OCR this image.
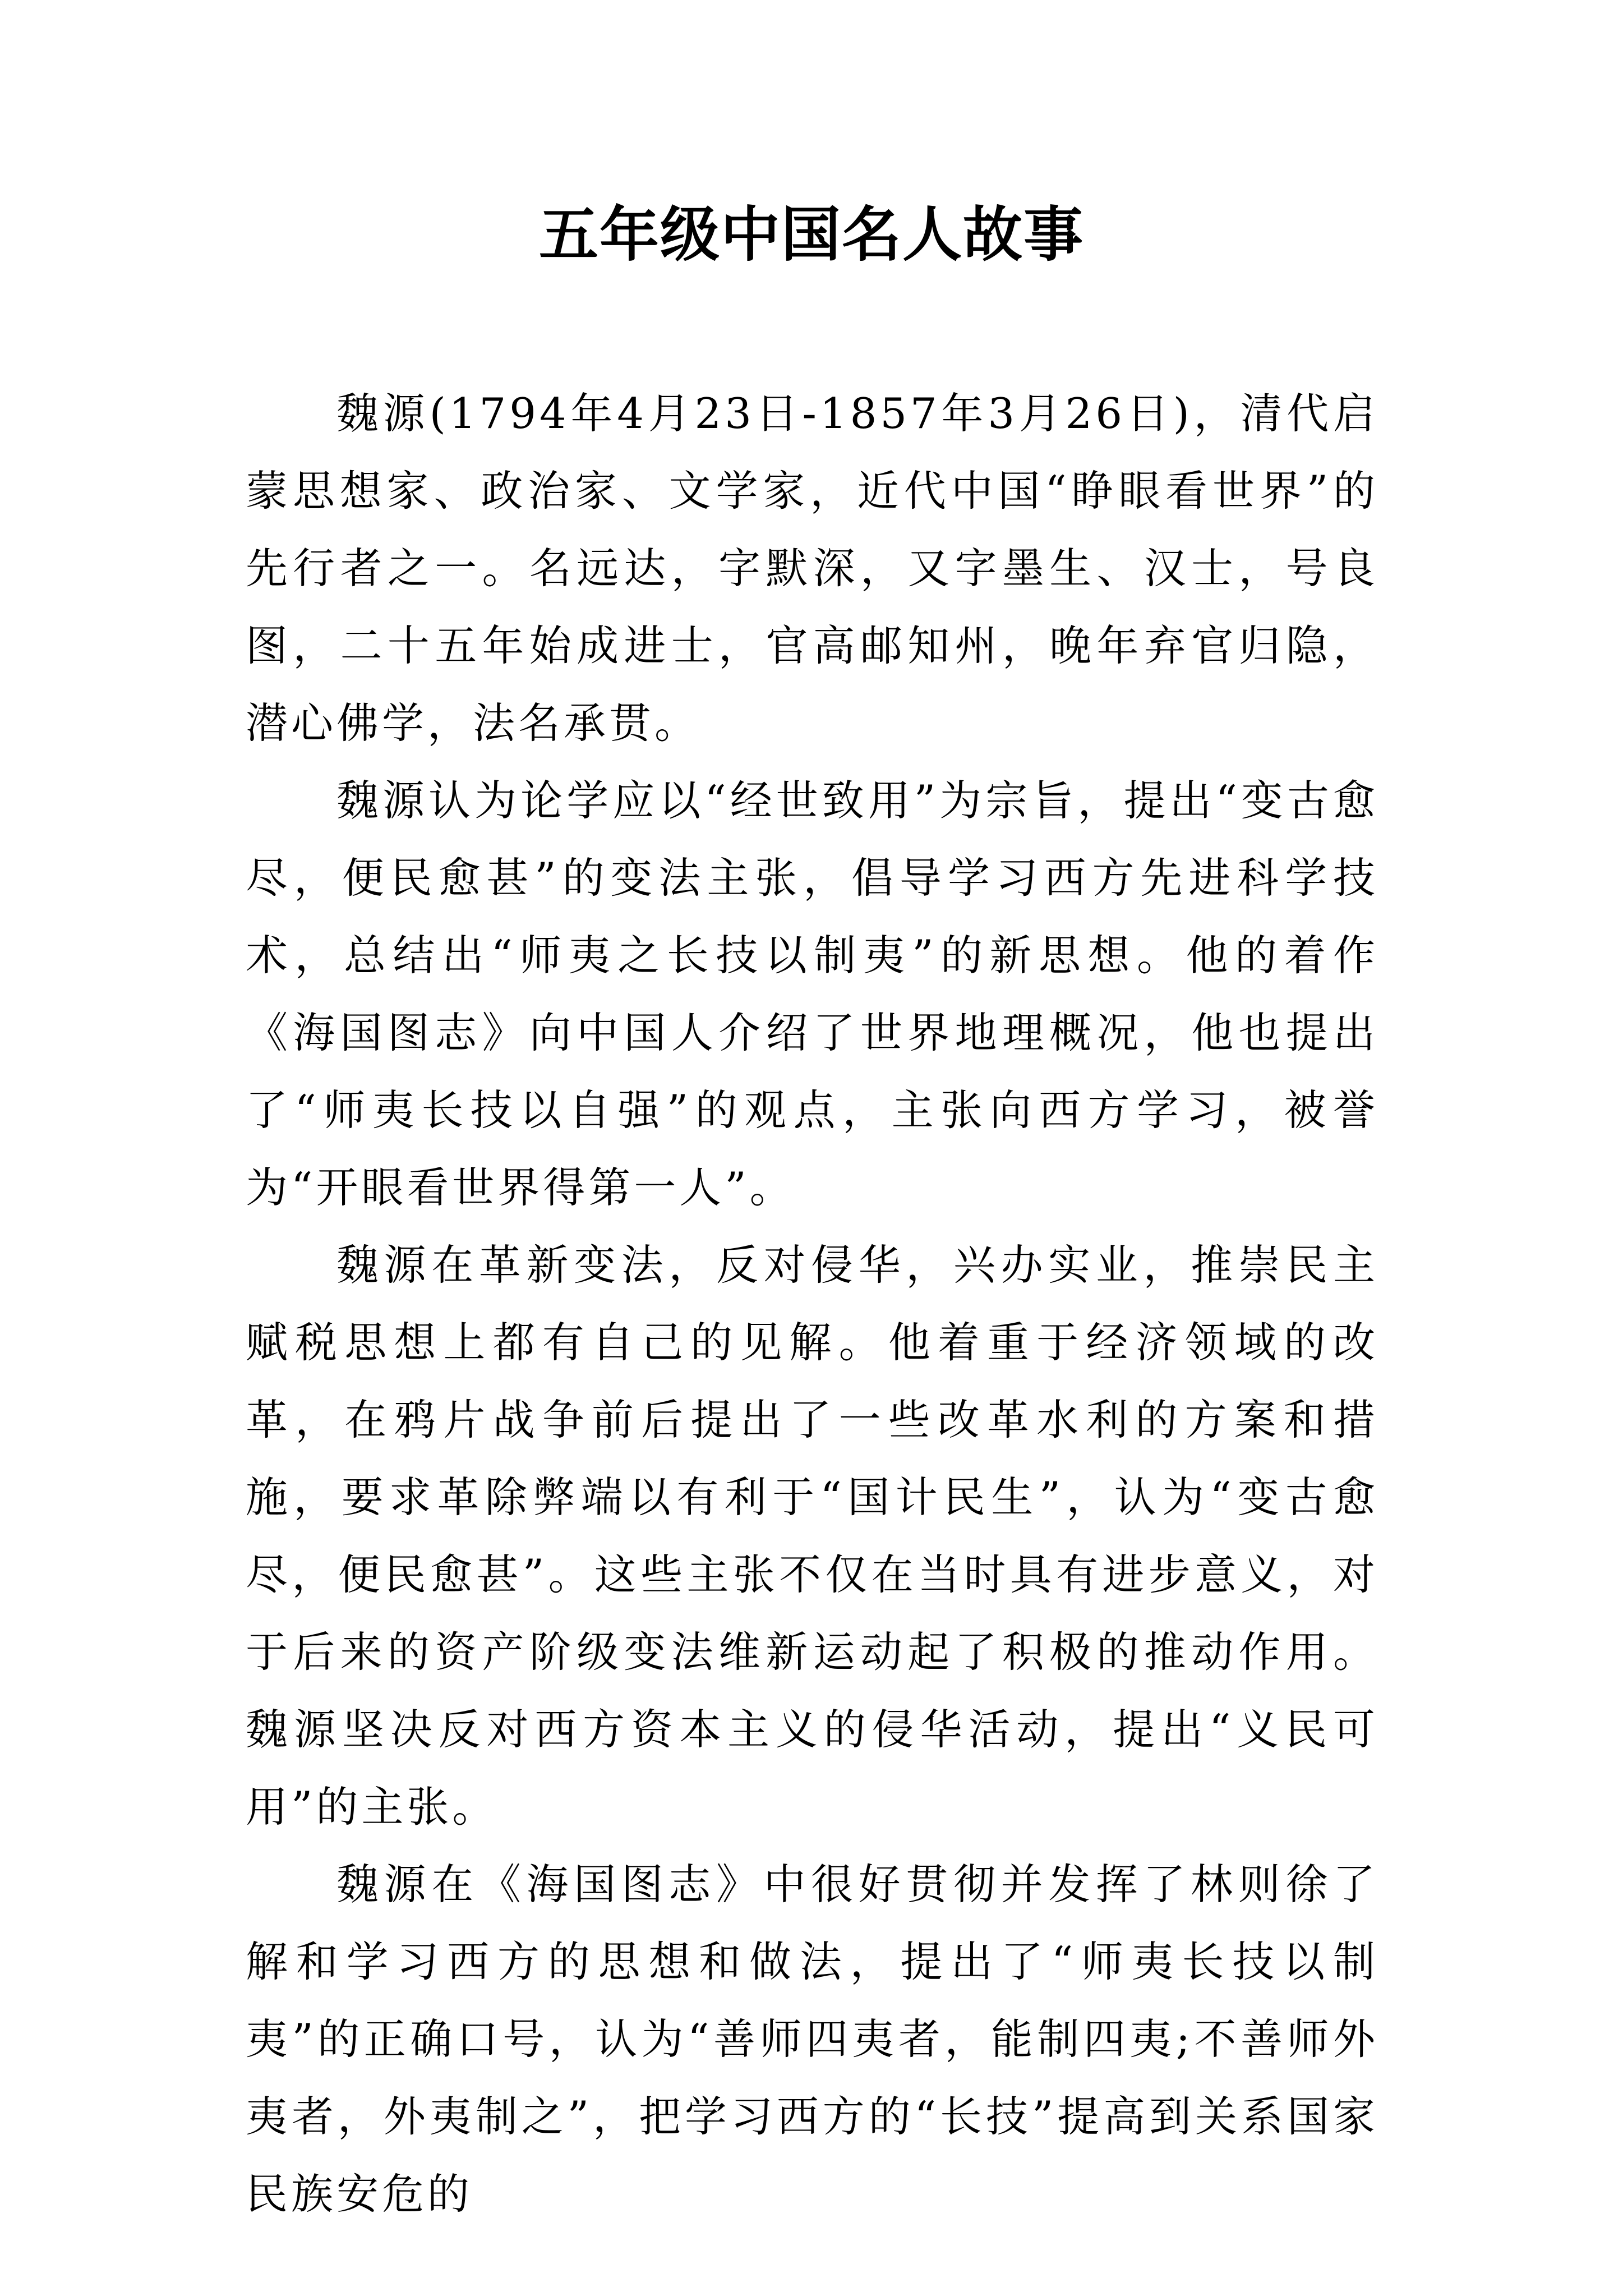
五年级中国名人故事

魏源(1794年4月23日-1857年3月26日)，清代启蒙思想家、政治家、文学家，近代中国“睁眼看世界”的先行者之一。名远达，字默深，又字墨生、汉士，号良图，二十五年始成进士，官高邮知州，晚年弃官归隐，潜心佛学，法名承贯。

魏源认为论学应以“经世致用”为宗旨，提出“变古愈尽，便民愈甚”的变法主张，倡导学习西方先进科学技术，总结出“师夷之长技以制夷”的新思想。他的着作《海国图志》向中国人介绍了世界地理概况，他也提出了“师夷长技以自强”的观点，主张向西方学习，被誉为“开眼看世界得第一人”。

魏源在革新变法，反对侵华，兴办实业，推崇民主赋税思想上都有自己的见解。他着重于经济领域的改革，在鸦片战争前后提出了一些改革水利的方案和措施，要求革除弊端以有利于“国计民生”，认为“变古愈尽，便民愈甚”。这些主张不仅在当时具有进步意义，对于后来的资产阶级变法维新运动起了积极的推动作用。魏源坚决反对西方资本主义的侵华活动，提出“义民可用”的主张。

魏源在《海国图志》中很好贯彻并发挥了林则徐了解和学习西方的思想和做法，提出了“师夷长技以制夷”的正确口号，认为“善师四夷者，能制四夷;不善师外夷者，外夷制之”，把学习西方的“长技”提高到关系国家民族安危的
